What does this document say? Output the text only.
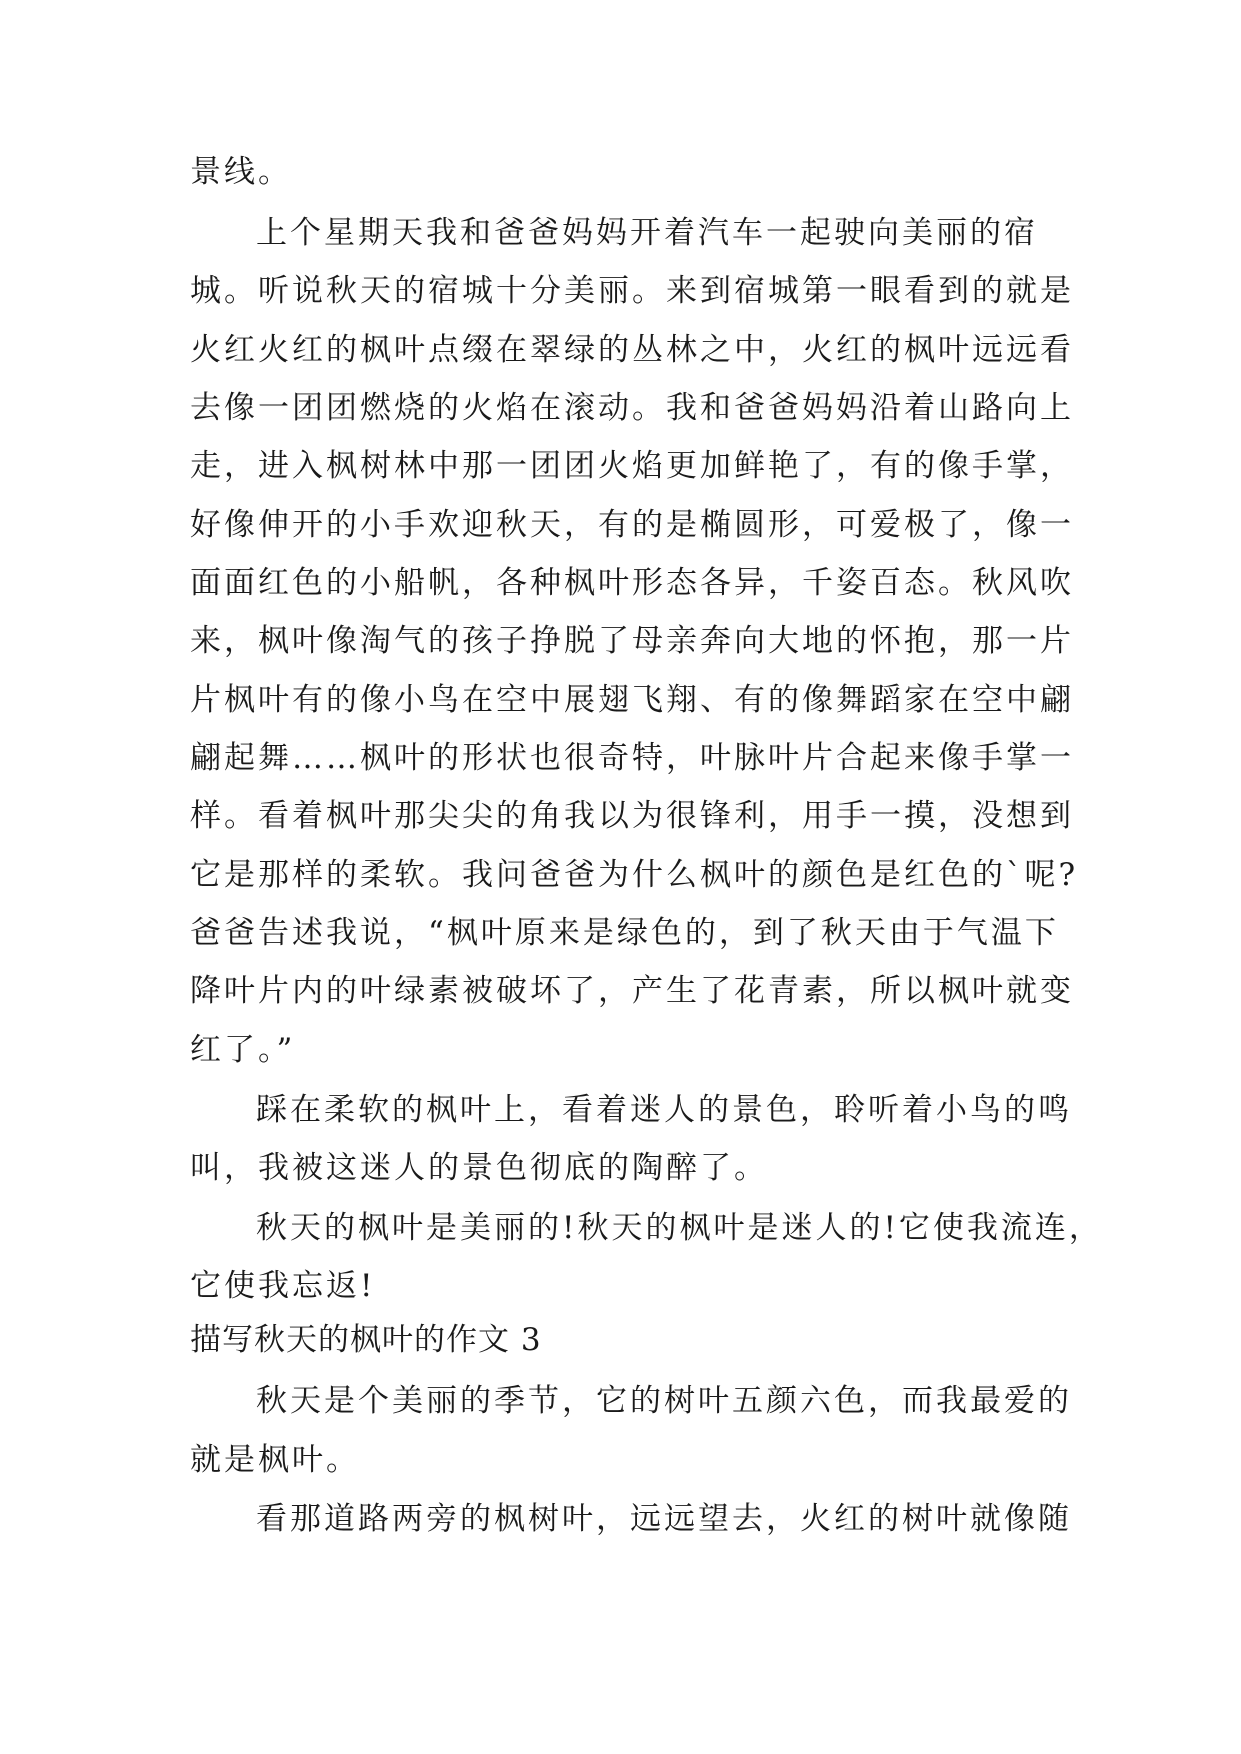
景线。
上个星期天我和爸爸妈妈开着汽车一起驶向美丽的宿
城。听说秋天的宿城十分美丽。来到宿城第一眼看到的就是
火红火红的枫叶点缀在翠绿的丛林之中，火红的枫叶远远看
去像一团团燃烧的火焰在滚动。我和爸爸妈妈沿着山路向上
走，进入枫树林中那一团团火焰更加鲜艳了，有的像手掌，
好像伸开的小手欢迎秋天，有的是椭圆形，可爱极了，像一
面面红色的小船帆，各种枫叶形态各异，千姿百态。秋风吹
来，枫叶像淘气的孩子挣脱了母亲奔向大地的怀抱，那一片
片枫叶有的像小鸟在空中展翅飞翔、有的像舞蹈家在空中翩
翩起舞……枫叶的形状也很奇特，叶脉叶片合起来像手掌一
样。看着枫叶那尖尖的角我以为很锋利，用手一摸，没想到
它是那样的柔软。我问爸爸为什么枫叶的颜色是红色的`呢?
爸爸告述我说，“枫叶原来是绿色的，到了秋天由于气温下
降叶片内的叶绿素被破坏了，产生了花青素，所以枫叶就变
红了。”
踩在柔软的枫叶上，看着迷人的景色，聆听着小鸟的鸣
叫，我被这迷人的景色彻底的陶醉了。
秋天的枫叶是美丽的!秋天的枫叶是迷人的!它使我流连，
它使我忘返!
描写秋天的枫叶的作文 3
秋天是个美丽的季节，它的树叶五颜六色，而我最爱的
就是枫叶。
看那道路两旁的枫树叶，远远望去，火红的树叶就像随
